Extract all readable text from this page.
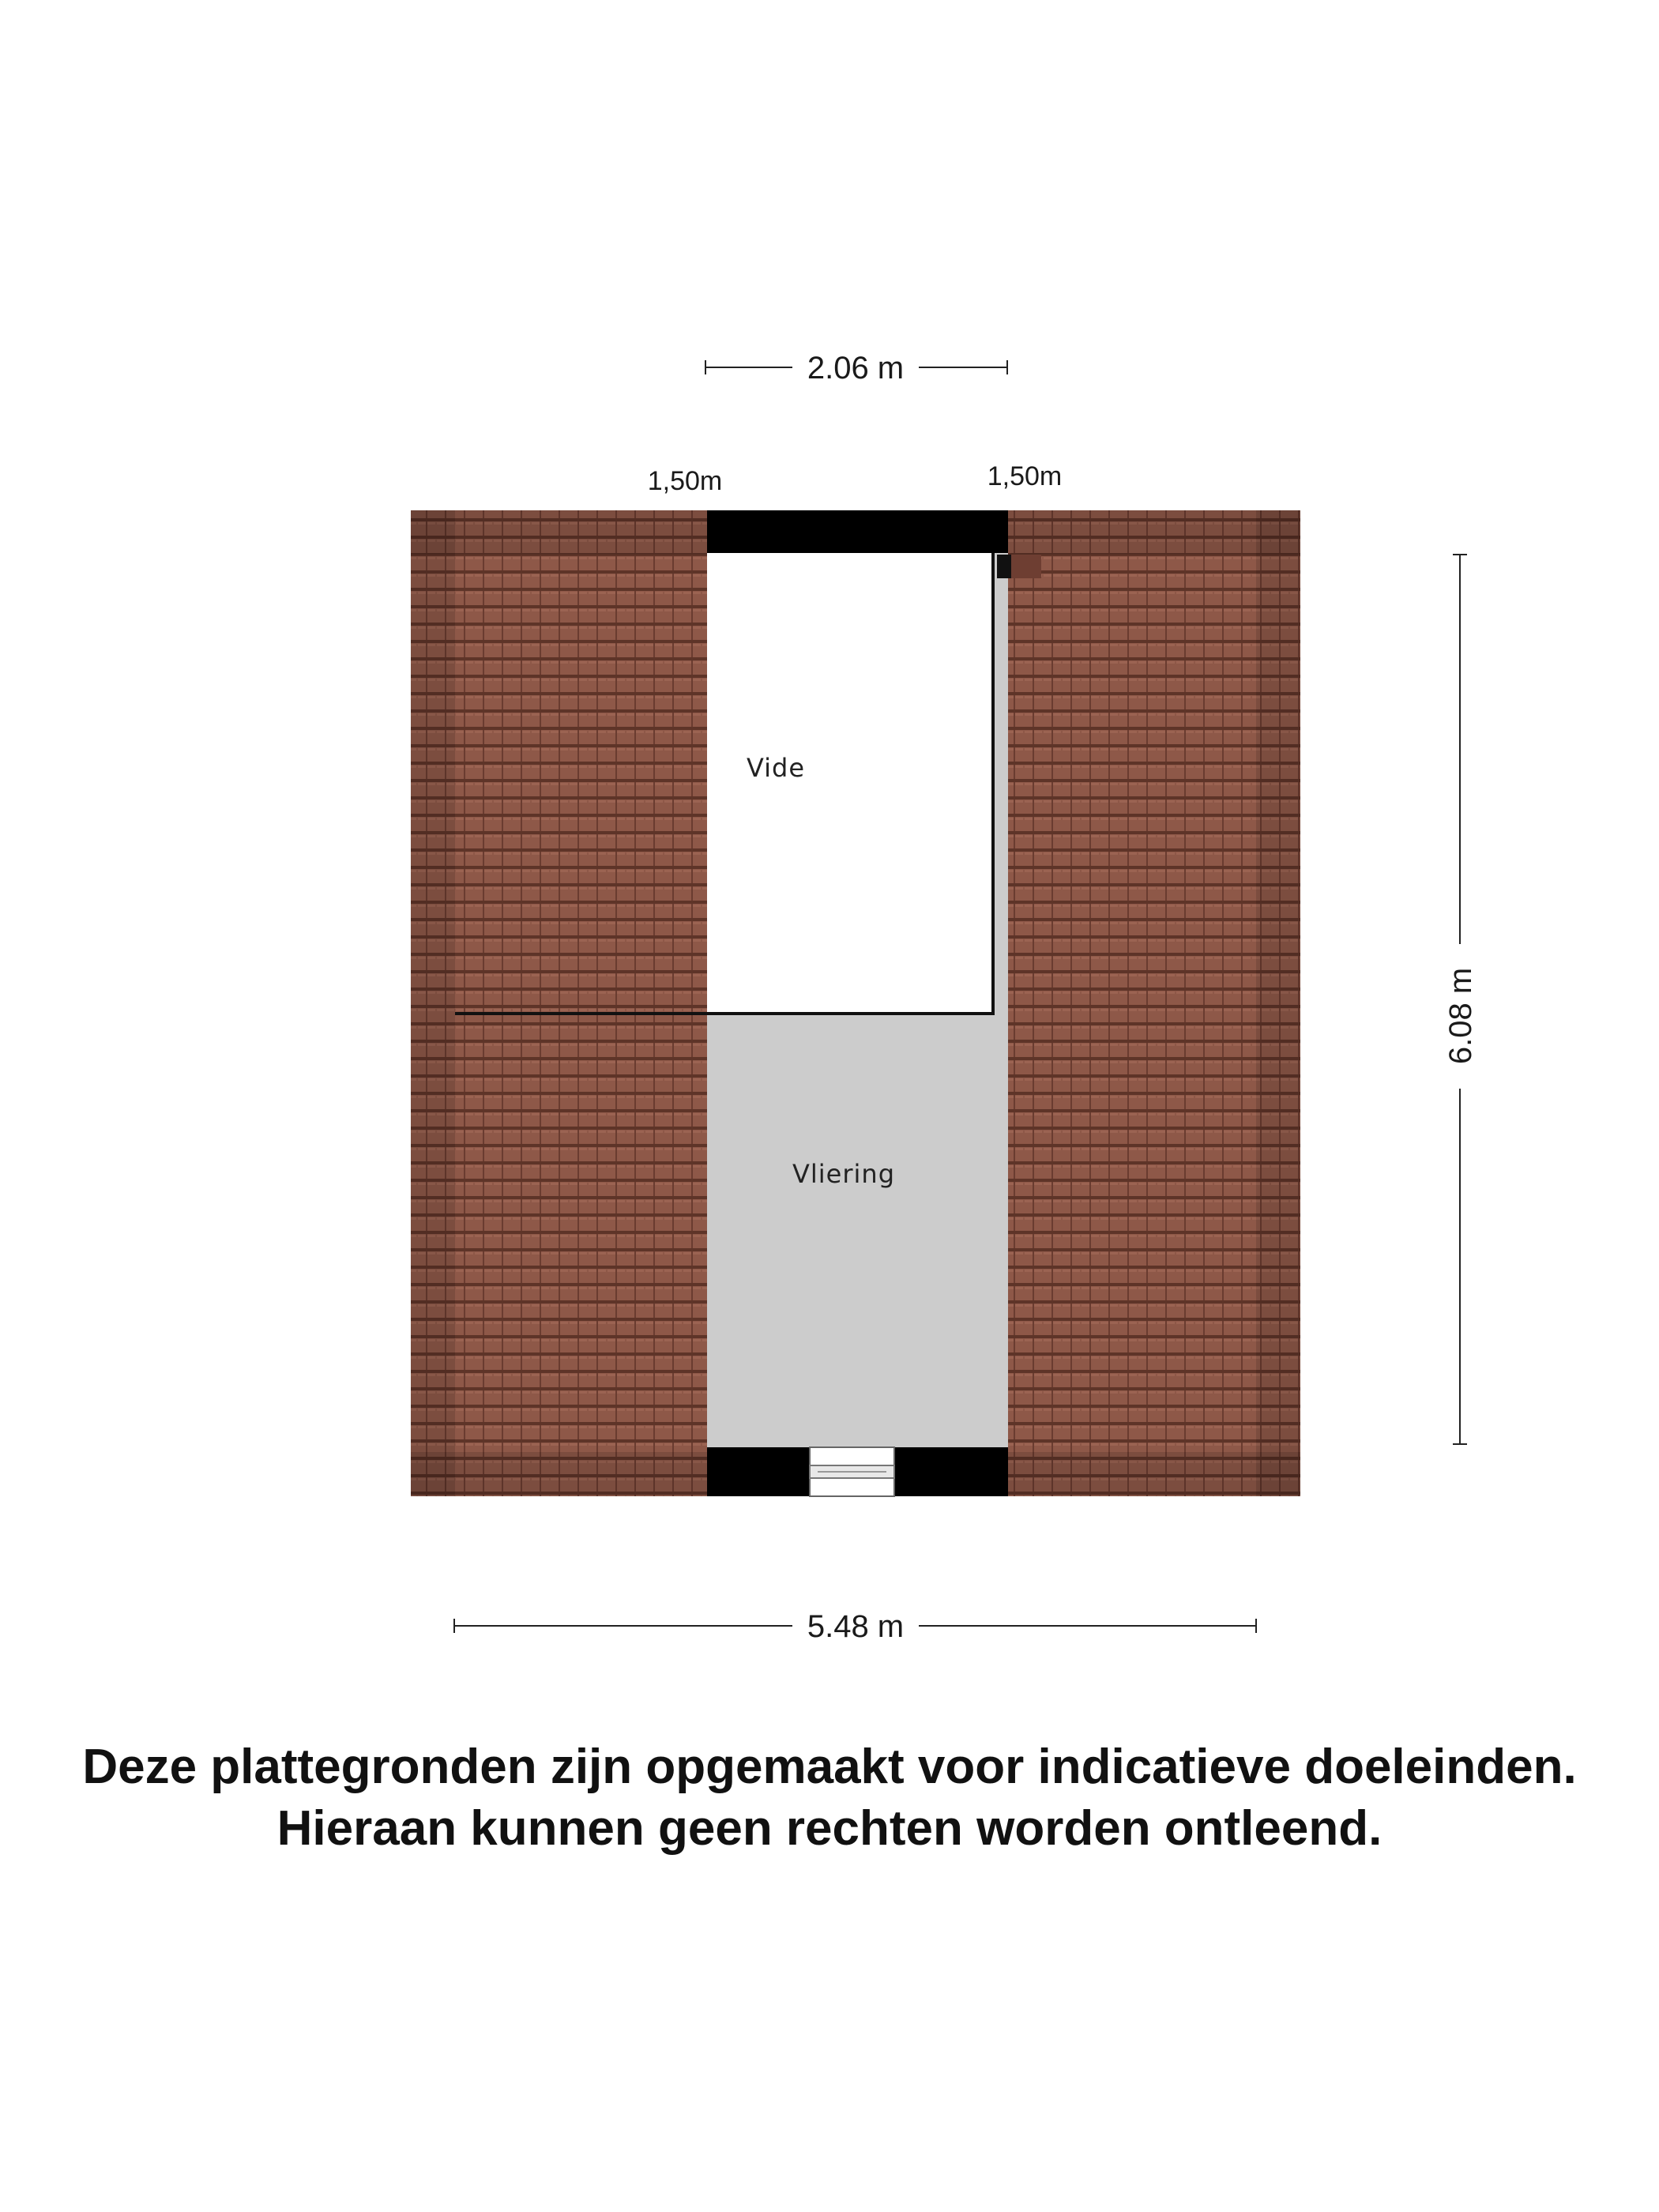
Vide
Vliering
1,50m	1,50m
2.06 m
6.08 m
5.48 m
Deze plattegronden zijn opgemaakt voor indicatieve doeleinden.
Hieraan kunnen geen rechten worden ontleend.
